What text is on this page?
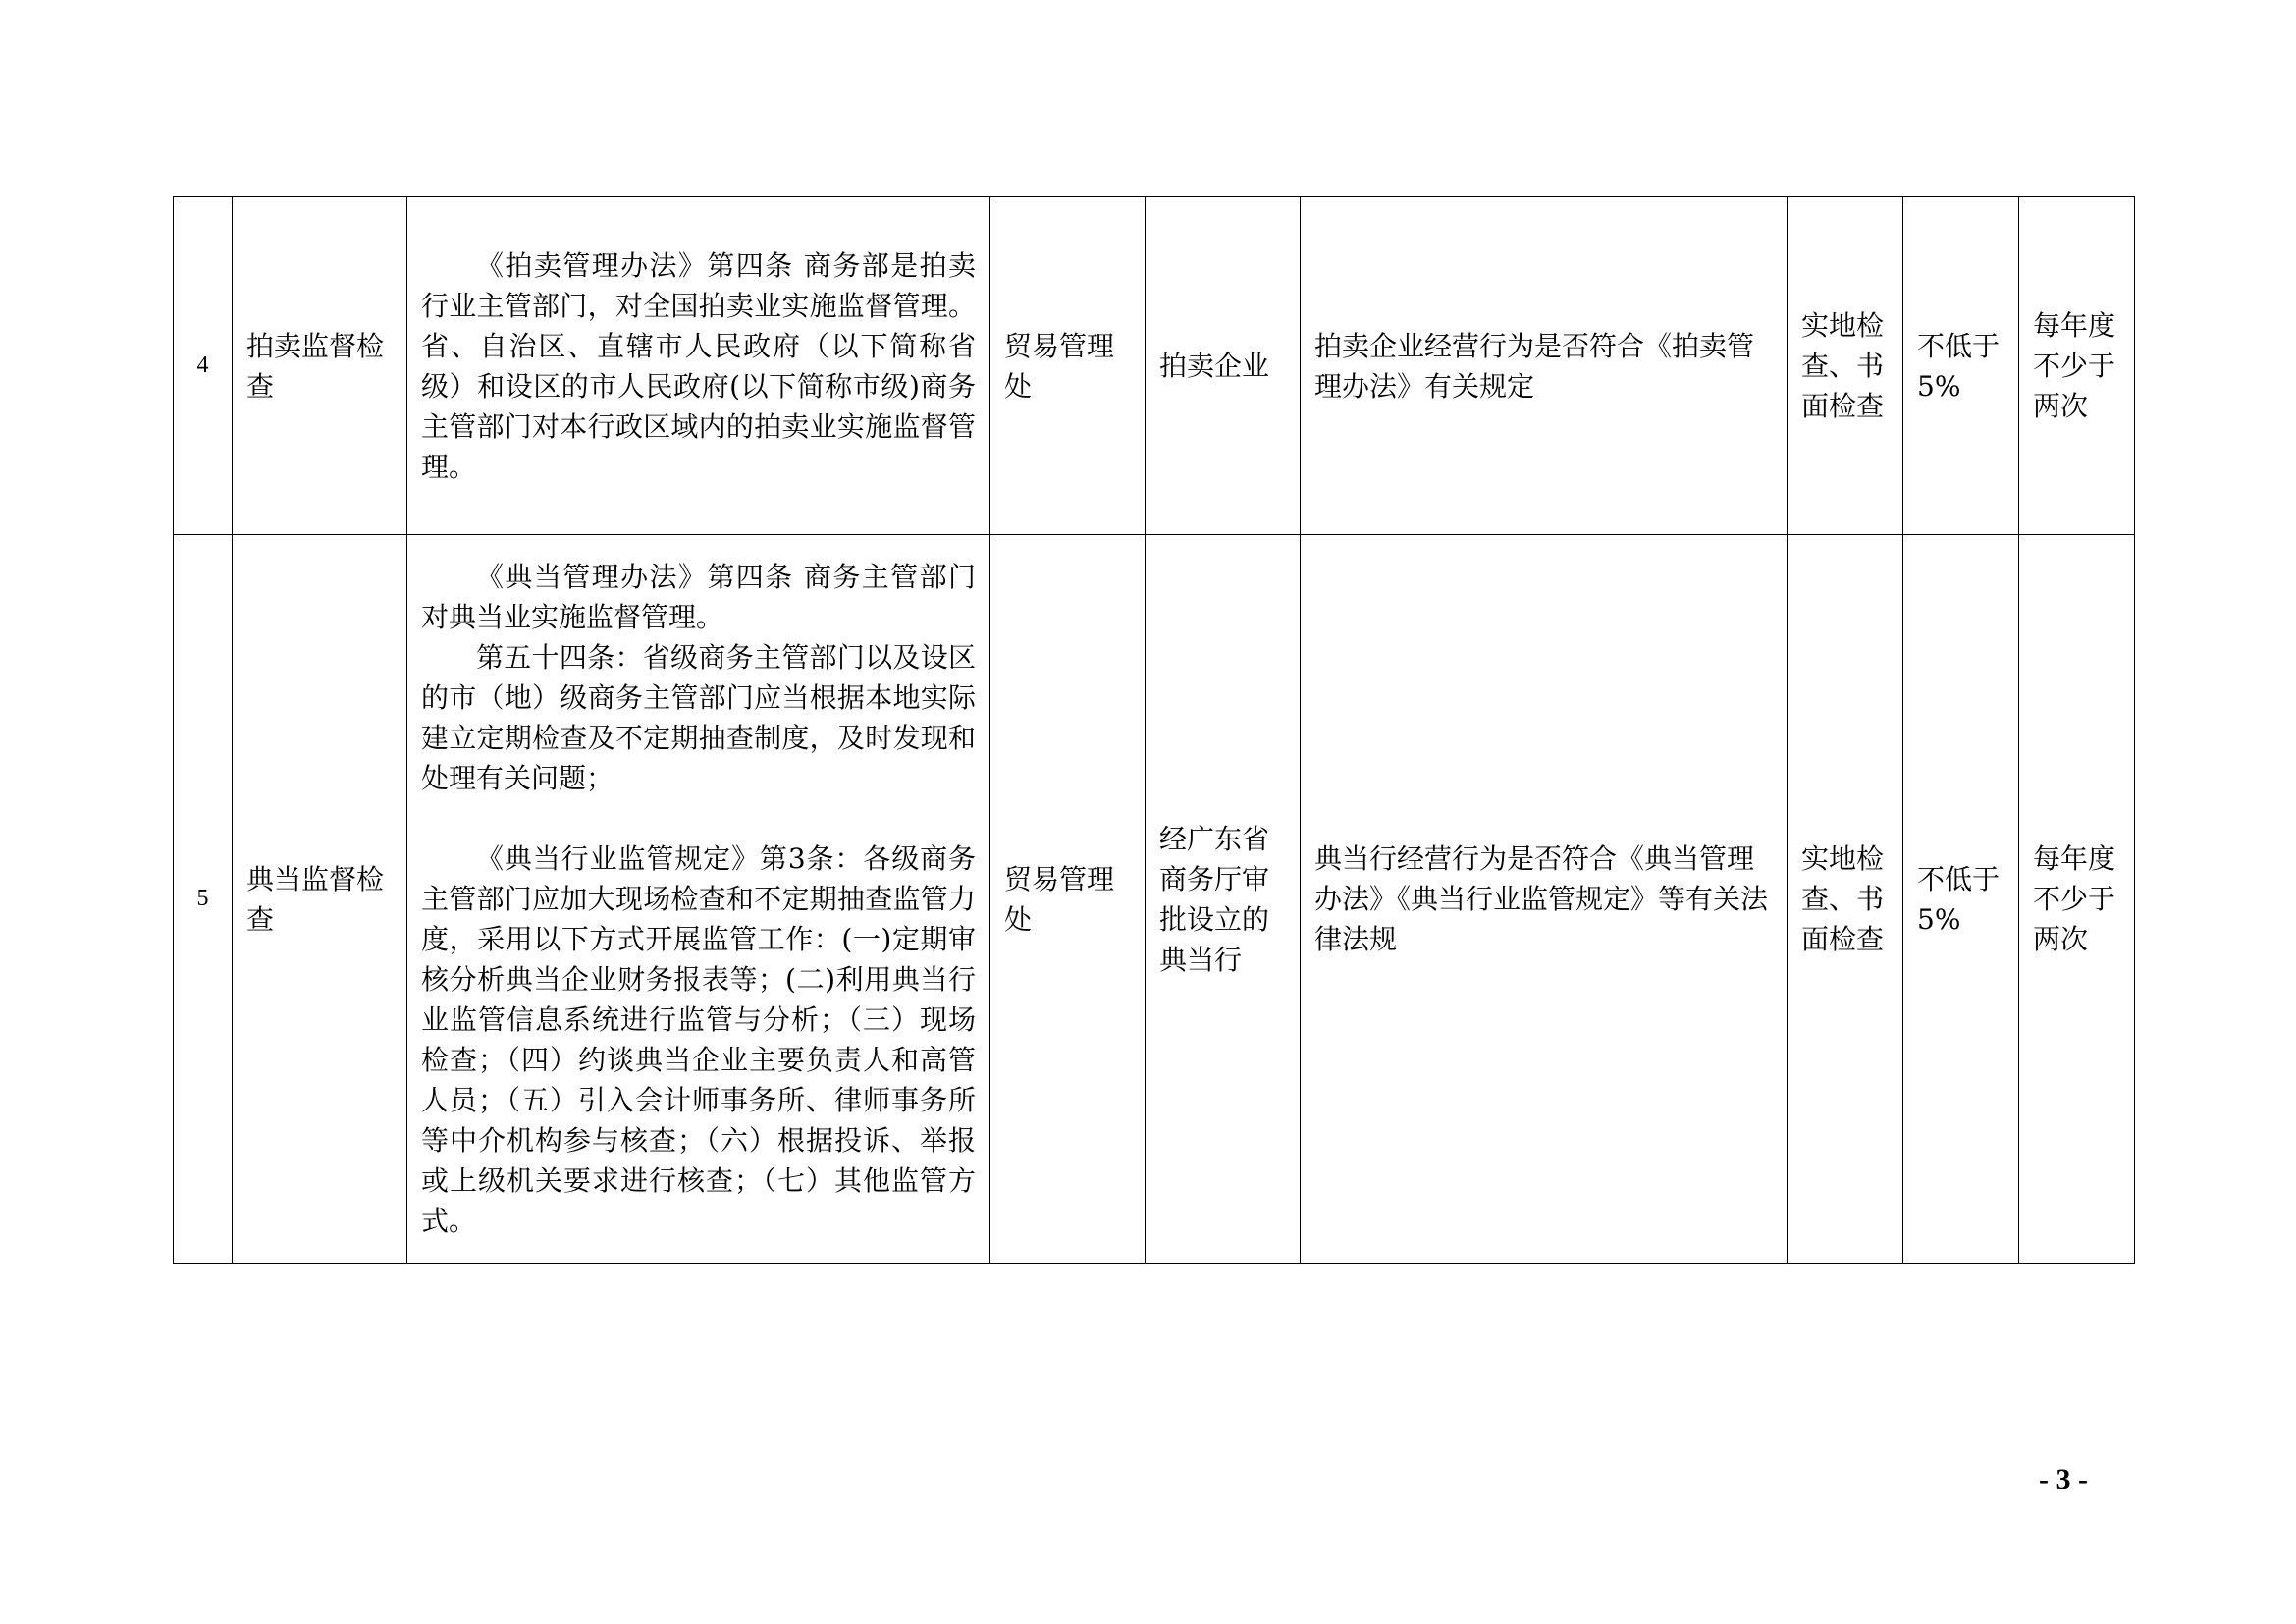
4	拍卖监督检查	《拍卖管理办法》第四条 商务部是拍卖行业主管部门，对全国拍卖业实施监督管理。省、自治区、直辖市人民政府（以下简称省级）和设区的市人民政府(以下简称市级)商务主管部门对本行政区域内的拍卖业实施监督管理。	贸易管理处	拍卖企业	拍卖企业经营行为是否符合《拍卖管理办法》有关规定	实地检查、书面检查	不低于5%	每年度不少于两次
5	典当监督检查	《典当管理办法》第四条 商务主管部门对典当业实施监督管理。
第五十四条：省级商务主管部门以及设区的市（地）级商务主管部门应当根据本地实际建立定期检查及不定期抽查制度，及时发现和处理有关问题；
《典当行业监管规定》第3条：各级商务主管部门应加大现场检查和不定期抽查监管力度，采用以下方式开展监管工作：(一)定期审核分析典当企业财务报表等；(二)利用典当行业监管信息系统进行监管与分析；（三）现场检查；（四）约谈典当企业主要负责人和高管人员；（五）引入会计师事务所、律师事务所等中介机构参与核查；（六）根据投诉、举报或上级机关要求进行核查；（七）其他监管方式。	贸易管理处	经广东省商务厅审批设立的典当行	典当行经营行为是否符合《典当管理办法》《典当行业监管规定》等有关法律法规	实地检查、书面检查	不低于5%	每年度不少于两次
- 3 -
